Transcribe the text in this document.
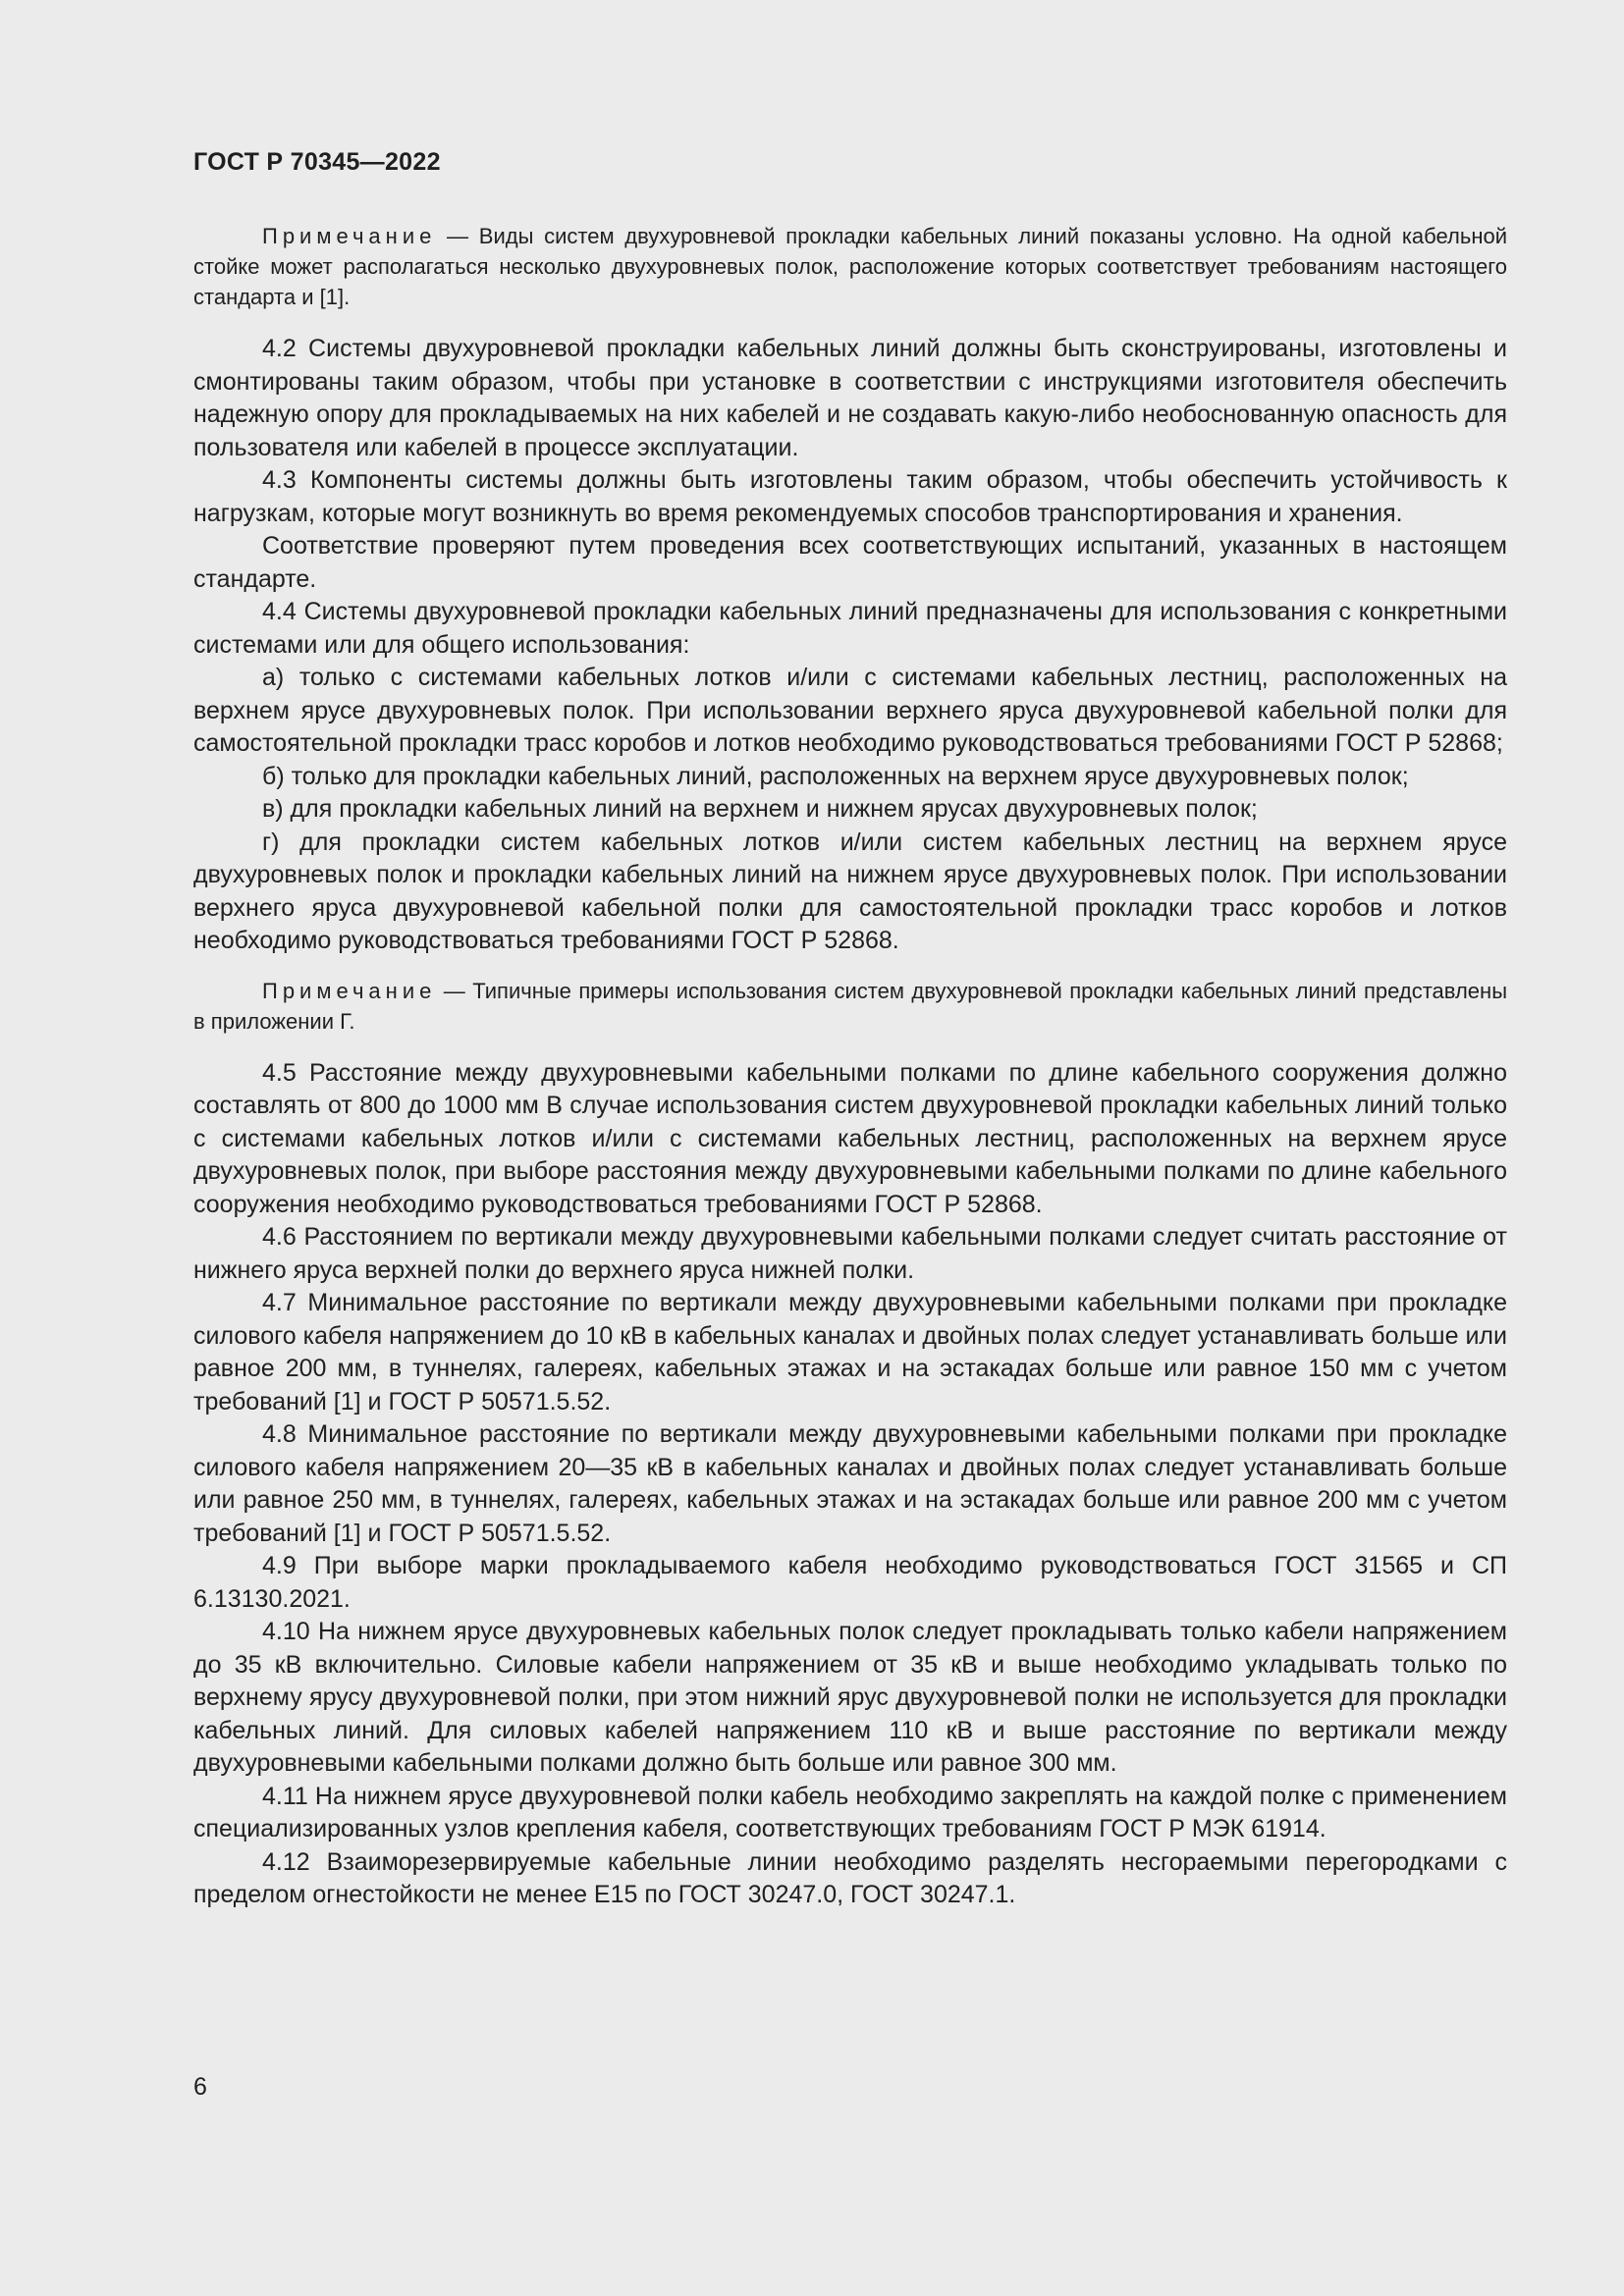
ГОСТ Р 70345—2022

Примечание — Виды систем двухуровневой прокладки кабельных линий показаны условно. На одной кабельной стойке может располагаться несколько двухуровневых полок, расположение которых соответствует требованиям настоящего стандарта и [1].

4.2 Системы двухуровневой прокладки кабельных линий должны быть сконструированы, изготовлены и смонтированы таким образом, чтобы при установке в соответствии с инструкциями изготовителя обеспечить надежную опору для прокладываемых на них кабелей и не создавать какую-либо необоснованную опасность для пользователя или кабелей в процессе эксплуатации.

4.3 Компоненты системы должны быть изготовлены таким образом, чтобы обеспечить устойчивость к нагрузкам, которые могут возникнуть во время рекомендуемых способов транспортирования и хранения.

Соответствие проверяют путем проведения всех соответствующих испытаний, указанных в настоящем стандарте.

4.4 Системы двухуровневой прокладки кабельных линий предназначены для использования с конкретными системами или для общего использования:

а) только с системами кабельных лотков и/или с системами кабельных лестниц, расположенных на верхнем ярусе двухуровневых полок. При использовании верхнего яруса двухуровневой кабельной полки для самостоятельной прокладки трасс коробов и лотков необходимо руководствоваться требованиями ГОСТ Р 52868;

б) только для прокладки кабельных линий, расположенных на верхнем ярусе двухуровневых полок;

в) для прокладки кабельных линий на верхнем и нижнем ярусах двухуровневых полок;

г) для прокладки систем кабельных лотков и/или систем кабельных лестниц на верхнем ярусе двухуровневых полок и прокладки кабельных линий на нижнем ярусе двухуровневых полок. При использовании верхнего яруса двухуровневой кабельной полки для самостоятельной прокладки трасс коробов и лотков необходимо руководствоваться требованиями ГОСТ Р 52868.

Примечание — Типичные примеры использования систем двухуровневой прокладки кабельных линий представлены в приложении Г.

4.5 Расстояние между двухуровневыми кабельными полками по длине кабельного сооружения должно составлять от 800 до 1000 мм В случае использования систем двухуровневой прокладки кабельных линий только с системами кабельных лотков и/или с системами кабельных лестниц, расположенных на верхнем ярусе двухуровневых полок, при выборе расстояния между двухуровневыми кабельными полками по длине кабельного сооружения необходимо руководствоваться требованиями ГОСТ Р 52868.

4.6 Расстоянием по вертикали между двухуровневыми кабельными полками следует считать расстояние от нижнего яруса верхней полки до верхнего яруса нижней полки.

4.7 Минимальное расстояние по вертикали между двухуровневыми кабельными полками при прокладке силового кабеля напряжением до 10 кВ в кабельных каналах и двойных полах следует устанавливать больше или равное 200 мм, в туннелях, галереях, кабельных этажах и на эстакадах больше или равное 150 мм с учетом требований [1] и ГОСТ Р 50571.5.52.

4.8 Минимальное расстояние по вертикали между двухуровневыми кабельными полками при прокладке силового кабеля напряжением 20—35 кВ в кабельных каналах и двойных полах следует устанавливать больше или равное 250 мм, в туннелях, галереях, кабельных этажах и на эстакадах больше или равное 200 мм с учетом требований [1] и ГОСТ Р 50571.5.52.

4.9 При выборе марки прокладываемого кабеля необходимо руководствоваться ГОСТ 31565 и СП 6.13130.2021.

4.10 На нижнем ярусе двухуровневых кабельных полок следует прокладывать только кабели напряжением до 35 кВ включительно. Силовые кабели напряжением от 35 кВ и выше необходимо укладывать только по верхнему ярусу двухуровневой полки, при этом нижний ярус двухуровневой полки не используется для прокладки кабельных линий. Для силовых кабелей напряжением 110 кВ и выше расстояние по вертикали между двухуровневыми кабельными полками должно быть больше или равное 300 мм.

4.11 На нижнем ярусе двухуровневой полки кабель необходимо закреплять на каждой полке с применением специализированных узлов крепления кабеля, соответствующих требованиям ГОСТ Р МЭК 61914.

4.12 Взаиморезервируемые кабельные линии необходимо разделять несгораемыми перегородками с пределом огнестойкости не менее Е15 по ГОСТ 30247.0, ГОСТ 30247.1.

6
